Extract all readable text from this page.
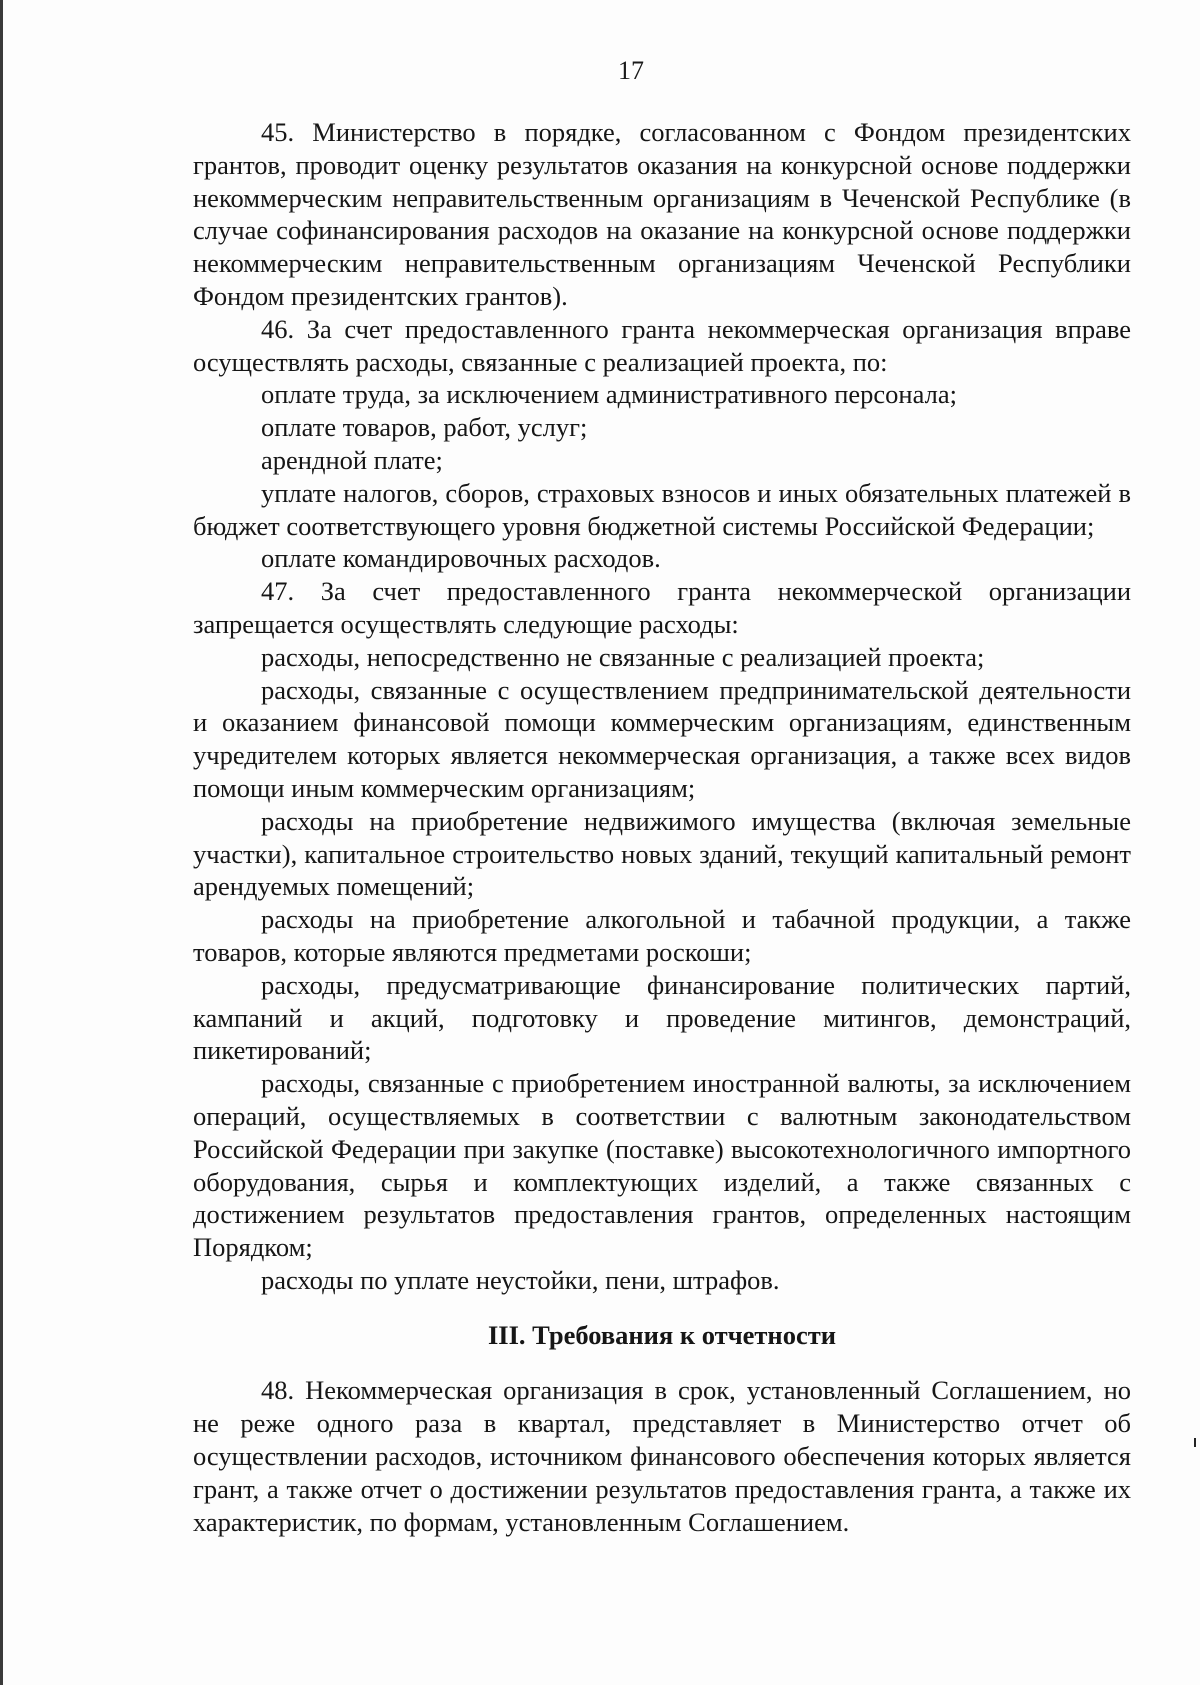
17

45. Министерство в порядке, согласованном с Фондом президентских грантов, проводит оценку результатов оказания на конкурсной основе поддержки некоммерческим неправительственным организациям в Чеченской Республике (в случае софинансирования расходов на оказание на конкурсной основе поддержки некоммерческим неправительственным организациям Чеченской Республики Фондом президентских грантов).

46. За счет предоставленного гранта некоммерческая организация вправе осуществлять расходы, связанные с реализацией проекта, по:

оплате труда, за исключением административного персонала;

оплате товаров, работ, услуг;

арендной плате;

уплате налогов, сборов, страховых взносов и иных обязательных платежей в бюджет соответствующего уровня бюджетной системы Российской Федерации;

оплате командировочных расходов.

47. За счет предоставленного гранта некоммерческой организации запрещается осуществлять следующие расходы:

расходы, непосредственно не связанные с реализацией проекта;

расходы, связанные с осуществлением предпринимательской деятельности и оказанием финансовой помощи коммерческим организациям, единственным учредителем которых является некоммерческая организация, а также всех видов помощи иным коммерческим организациям;

расходы на приобретение недвижимого имущества (включая земельные участки), капитальное строительство новых зданий, текущий капитальный ремонт арендуемых помещений;

расходы на приобретение алкогольной и табачной продукции, а также товаров, которые являются предметами роскоши;

расходы, предусматривающие финансирование политических партий, кампаний и акций, подготовку и проведение митингов, демонстраций, пикетирований;

расходы, связанные с приобретением иностранной валюты, за исключением операций, осуществляемых в соответствии с валютным законодательством Российской Федерации при закупке (поставке) высокотехнологичного импортного оборудования, сырья и комплектующих изделий, а также связанных с достижением результатов предоставления грантов, определенных настоящим Порядком;

расходы по уплате неустойки, пени, штрафов.

III. Требования к отчетности

48. Некоммерческая организация в срок, установленный Соглашением, но не реже одного раза в квартал, представляет в Министерство отчет об осуществлении расходов, источником финансового обеспечения которых является грант, а также отчет о достижении результатов предоставления гранта, а также их характеристик, по формам, установленным Соглашением.
